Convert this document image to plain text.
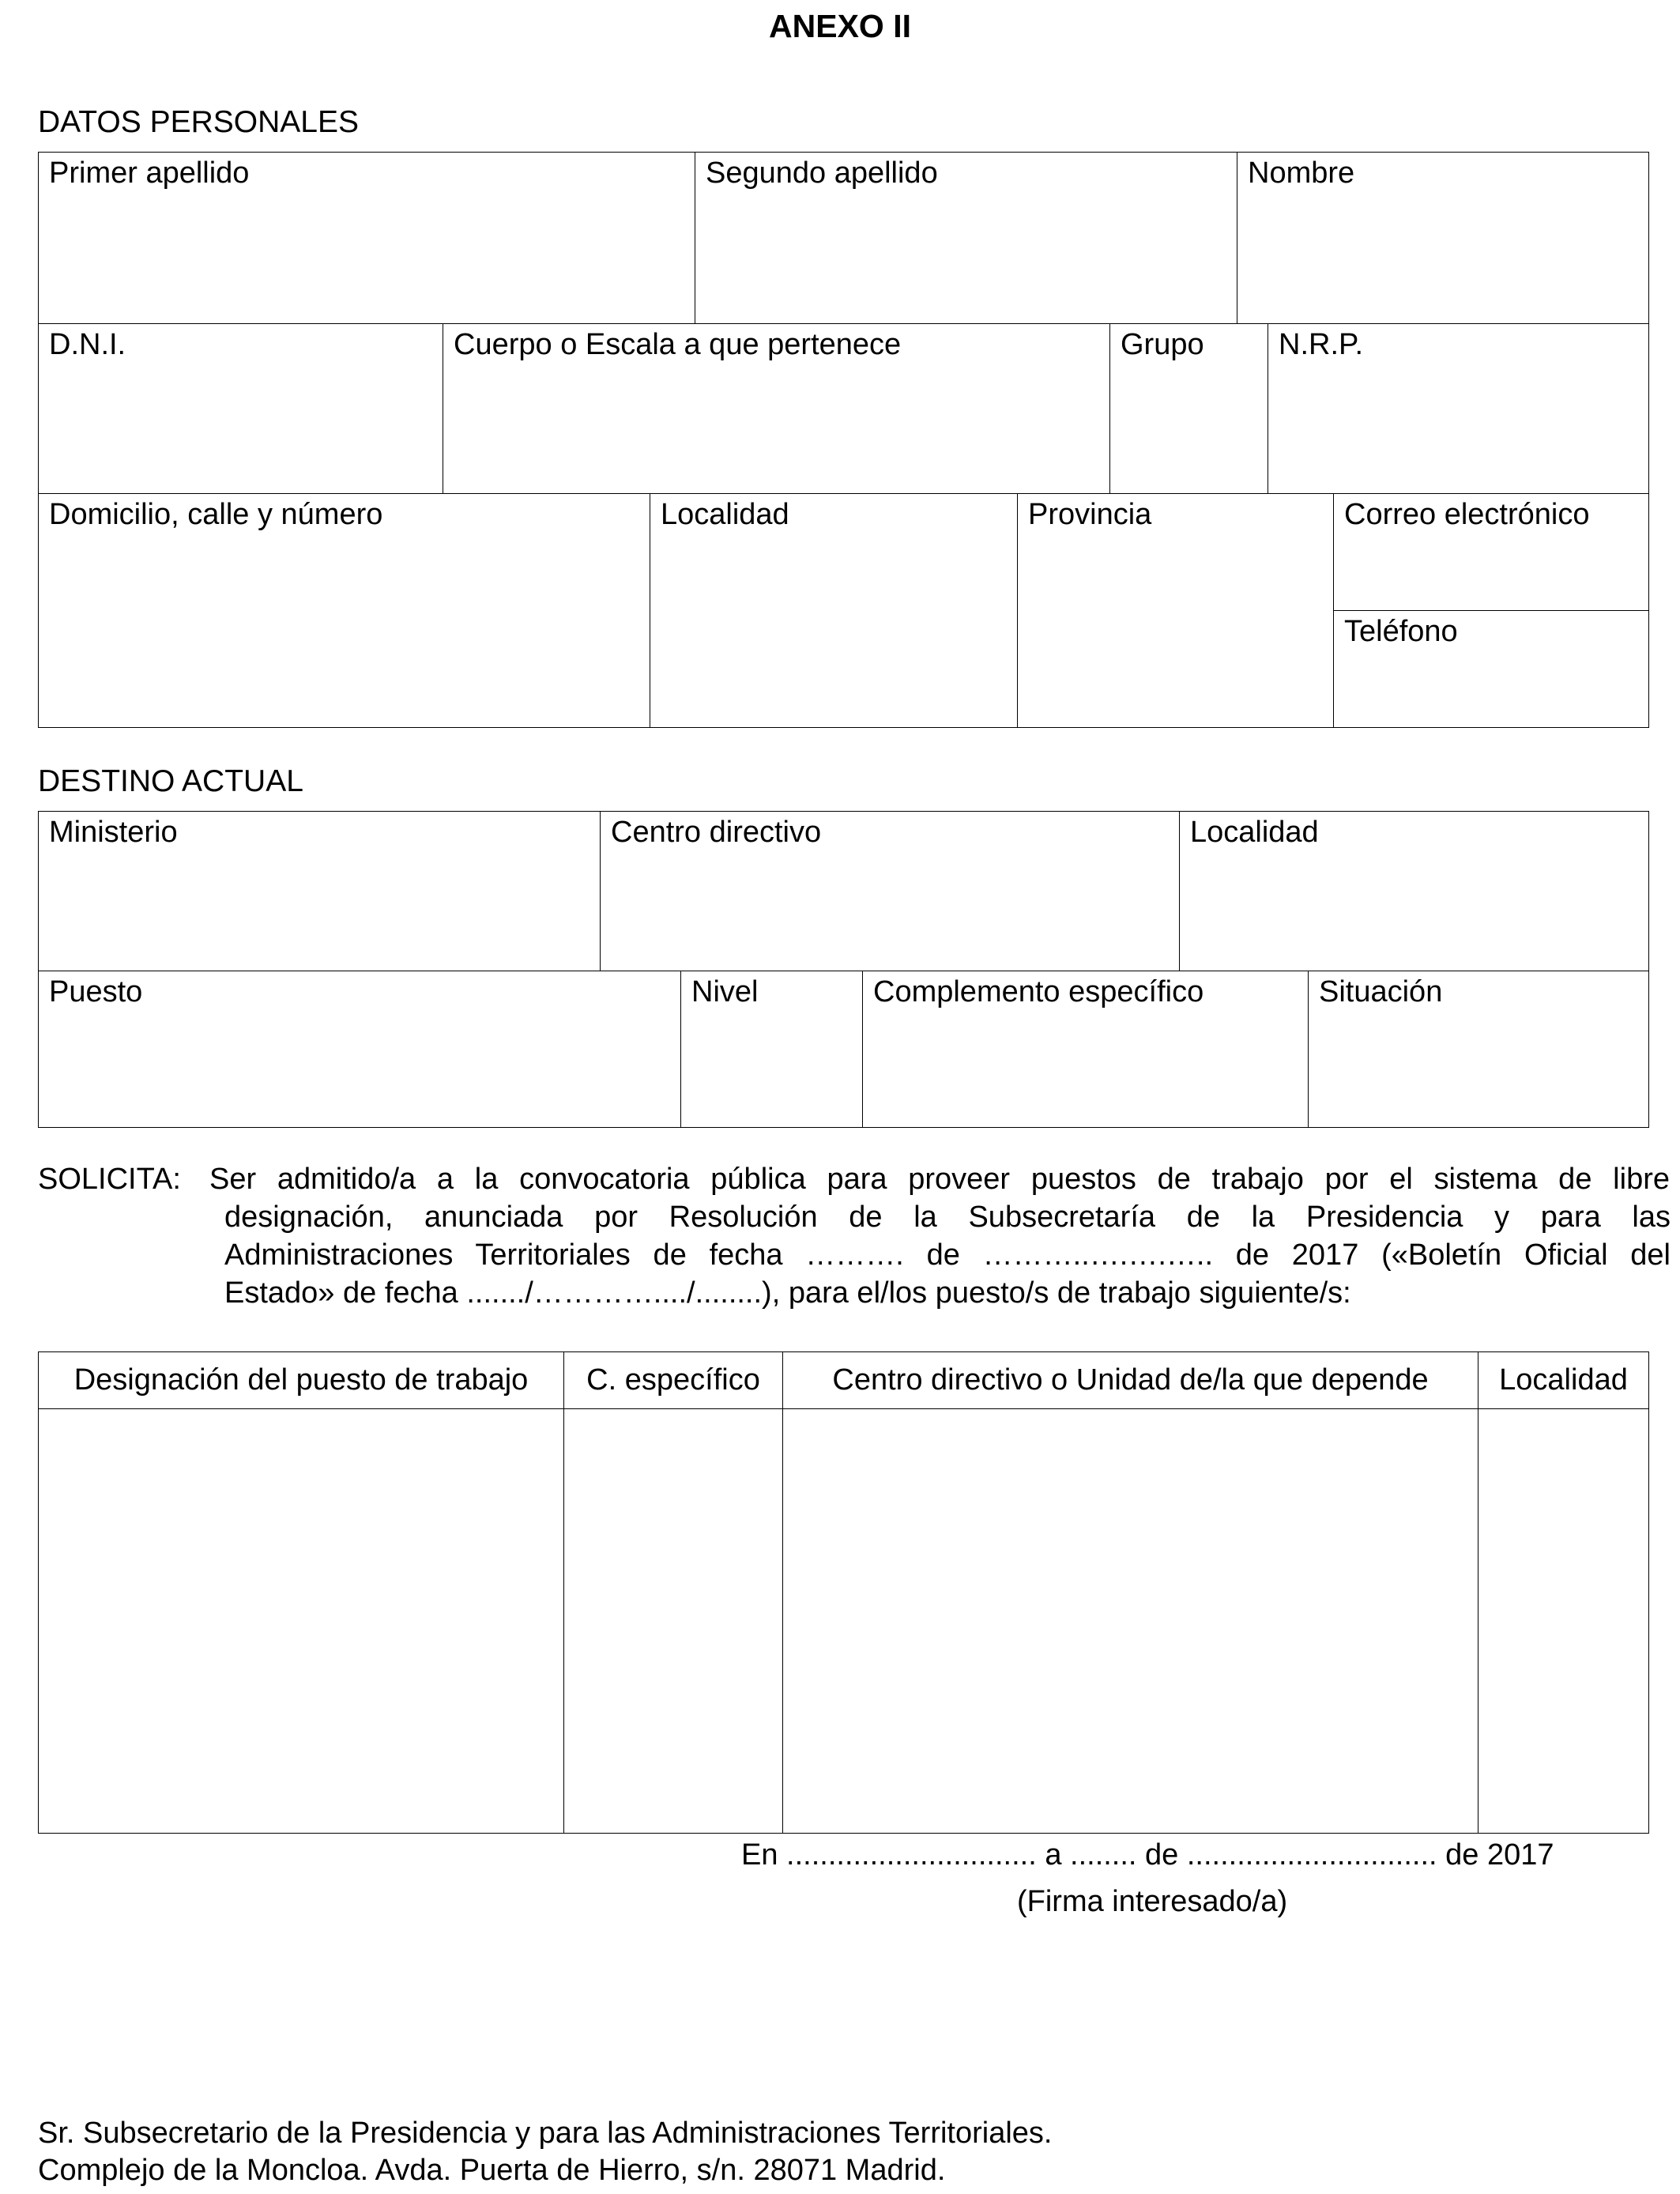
ANEXO II
DATOS PERSONALES
Primer apellido	Segundo apellido	Nombre
D.N.I.	Cuerpo o Escala a que pertenece	Grupo	N.R.P.
Domicilio, calle y número	Localidad	Provincia	Correo electrónico
Teléfono
DESTINO ACTUAL
Ministerio	Centro directivo	Localidad
Puesto	Nivel	Complemento específico	Situación
SOLICITA: Ser admitido/a a la convocatoria pública para proveer puestos de trabajo por el sistema de libre
designación, anunciada por Resolución de la Subsecretaría de la Presidencia y para las
Administraciones Territoriales de fecha ………. de ………..….….….. de 2017 («Boletín Oficial del
Estado» de fecha ......./…………..../........), para el/los puesto/s de trabajo siguiente/s:
Designación del puesto de trabajo	C. específico	Centro directivo o Unidad de/la que depende	Localidad
En .............................. a ........ de .............................. de 2017
(Firma interesado/a)
Sr. Subsecretario de la Presidencia y para las Administraciones Territoriales.
Complejo de la Moncloa. Avda. Puerta de Hierro, s/n. 28071 Madrid.
